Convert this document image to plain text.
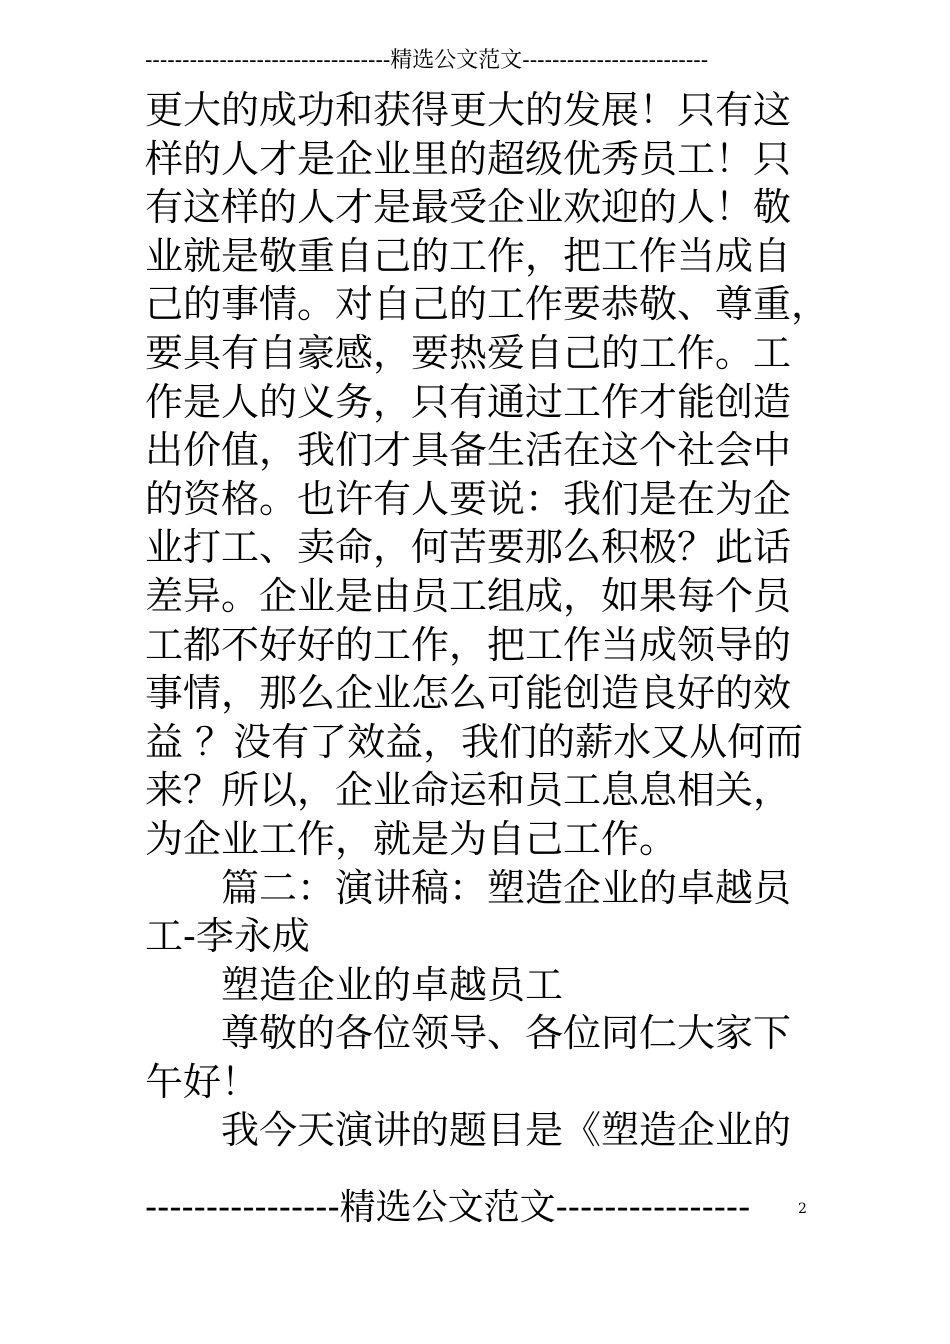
---------------------------------精选公文范文-------------------------
更大的成功和获得更大的发展！只有这
样的人才是企业里的超级优秀员工！只
有这样的人才是最受企业欢迎的人！敬
业就是敬重自己的工作，把工作当成自
己的事情。对自己的工作要恭敬、尊重，
要具有自豪感，要热爱自己的工作。工
作是人的义务，只有通过工作才能创造
出价值，我们才具备生活在这个社会中
的资格。也许有人要说：我们是在为企
业打工、卖命，何苦要那么积极？此话
差异。企业是由员工组成，如果每个员
工都不好好的工作，把工作当成领导的
事情，那么企业怎么可能创造良好的效
益 ？没有了效益，我们的薪水又从何而
来？所以，企业命运和员工息息相关，
为企业工作，就是为自己工作。
篇二：演讲稿：塑造企业的卓越员
工-李永成
塑造企业的卓越员工
尊敬的各位领导、各位同仁大家下
午好！
我今天演讲的题目是《塑造企业的
----------------精选公文范文----------------	2
